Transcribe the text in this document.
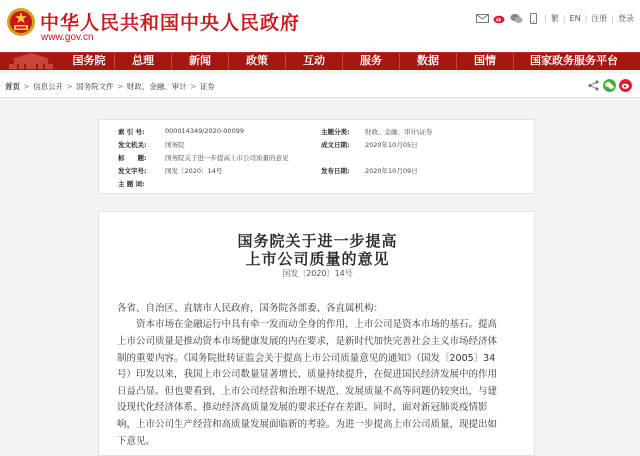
中华人民共和国中央人民政府
www.gov.cn
| 繁 | EN | 注册 | 登录
国务院	总理	新闻	政策	互动	服务	数据	国情	国家政务服务平台
首页 > 信息公开 > 国务院文件 > 财政、金融、审计 > 证券
索 引 号:	000014349/2020-00099	主题分类: 财政、金融、审计\证券
发文机关:	国务院	成文日期: 2020年10月05日
标　　题:	国务院关于进一步提高上市公司质量的意见
发文字号:	国发〔2020〕14号	发布日期: 2020年10月09日
主 题 词:
国务院关于进一步提高
上市公司质量的意见
国发〔2020〕14号
各省、自治区、直辖市人民政府，国务院各部委、各直属机构：
　　资本市场在金融运行中具有牵一发而动全身的作用，上市公司是资本市场的基石。提高
上市公司质量是推动资本市场健康发展的内在要求，是新时代加快完善社会主义市场经济体
制的重要内容。《国务院批转证监会关于提高上市公司质量意见的通知》（国发〔2005〕34
号）印发以来，我国上市公司数量显著增长、质量持续提升，在促进国民经济发展中的作用
日益凸显。但也要看到，上市公司经营和治理不规范、发展质量不高等问题仍较突出，与建
设现代化经济体系、推动经济高质量发展的要求还存在差距。同时，面对新冠肺炎疫情影
响，上市公司生产经营和高质量发展面临新的考验。为进一步提高上市公司质量，现提出如
下意见。
